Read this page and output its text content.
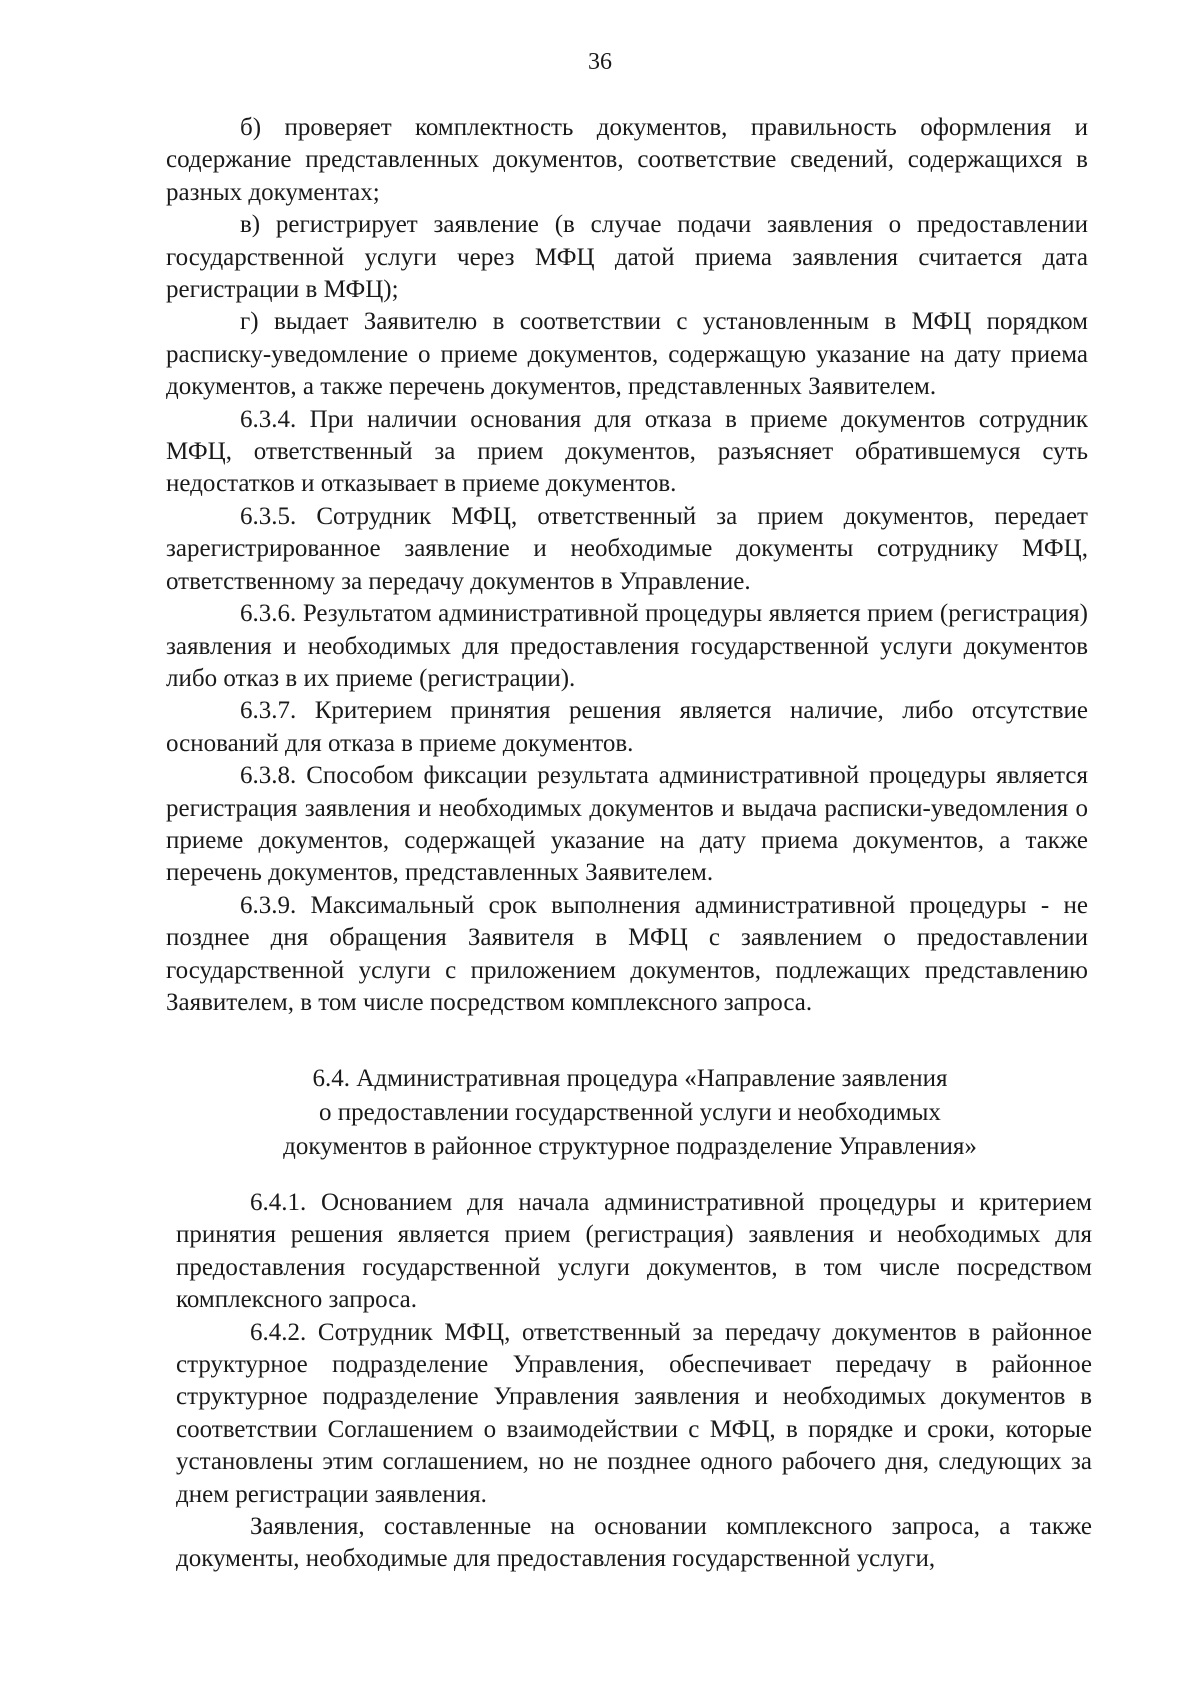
36

б) проверяет комплектность документов, правильность оформления и содержание представленных документов, соответствие сведений, содержащихся в разных документах;

в) регистрирует заявление (в случае подачи заявления о предоставлении государственной услуги через МФЦ датой приема заявления считается дата регистрации в МФЦ);

г) выдает Заявителю в соответствии с установленным в МФЦ порядком расписку-уведомление о приеме документов, содержащую указание на дату приема документов, а также перечень документов, представленных Заявителем.

6.3.4. При наличии основания для отказа в приеме документов сотрудник МФЦ, ответственный за прием документов, разъясняет обратившемуся суть недостатков и отказывает в приеме документов.

6.3.5. Сотрудник МФЦ, ответственный за прием документов, передает зарегистрированное заявление и необходимые документы сотруднику МФЦ, ответственному за передачу документов в Управление.

6.3.6. Результатом административной процедуры является прием (регистрация) заявления и необходимых для предоставления государственной услуги документов либо отказ в их приеме (регистрации).

6.3.7. Критерием принятия решения является наличие, либо отсутствие оснований для отказа в приеме документов.

6.3.8. Способом фиксации результата административной процедуры является регистрация заявления и необходимых документов и выдача расписки-уведомления о приеме документов, содержащей указание на дату приема документов, а также перечень документов, представленных Заявителем.

6.3.9. Максимальный срок выполнения административной процедуры - не позднее дня обращения Заявителя в МФЦ с заявлением о предоставлении государственной услуги с приложением документов, подлежащих представлению Заявителем, в том числе посредством комплексного запроса.

6.4. Административная процедура «Направление заявления
о предоставлении государственной услуги и необходимых
документов в районное структурное подразделение Управления»

6.4.1. Основанием для начала административной процедуры и критерием принятия решения является прием (регистрация) заявления и необходимых для предоставления государственной услуги документов, в том числе посредством комплексного запроса.

6.4.2. Сотрудник МФЦ, ответственный за передачу документов в районное структурное подразделение Управления, обеспечивает передачу в районное структурное подразделение Управления заявления и необходимых документов в соответствии Соглашением о взаимодействии с МФЦ, в порядке и сроки, которые установлены этим соглашением, но не позднее одного рабочего дня, следующих за днем регистрации заявления.

Заявления, составленные на основании комплексного запроса, а также документы, необходимые для предоставления государственной услуги,
